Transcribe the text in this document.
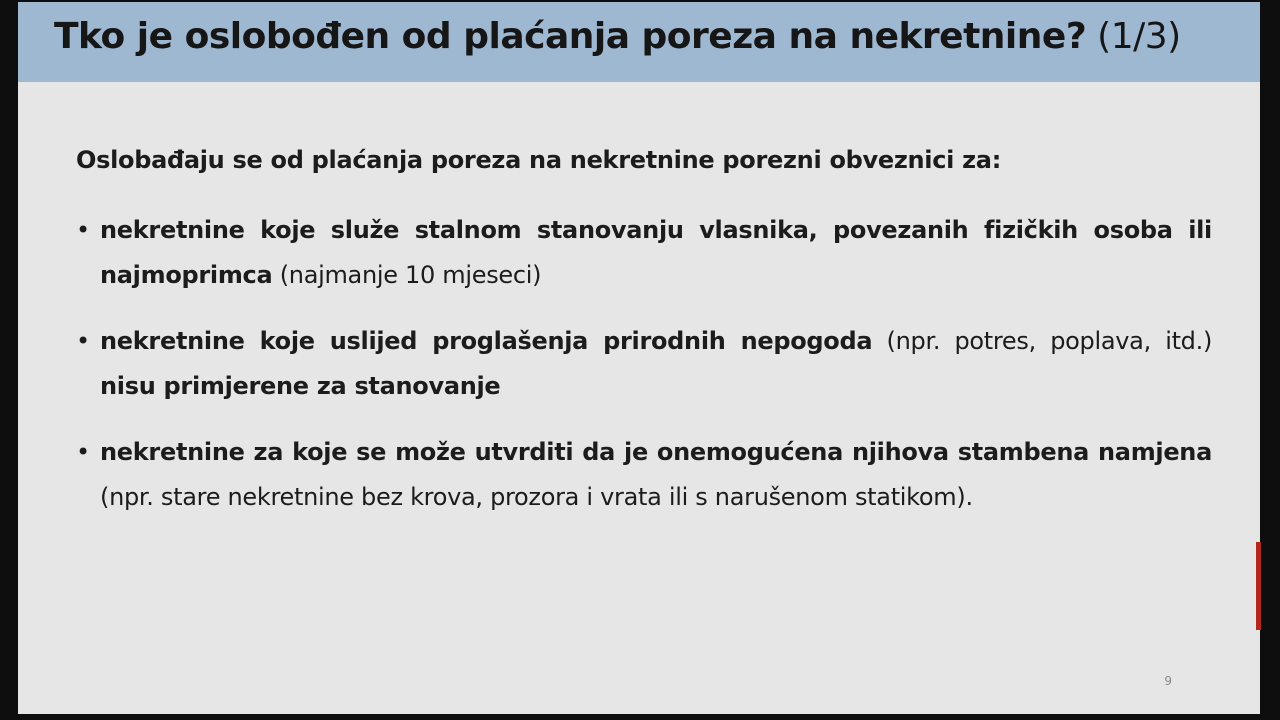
Tko je oslobođen od plaćanja poreza na nekretnine? (1/3)

Oslobađaju se od plaćanja poreza na nekretnine porezni obveznici za:

• nekretnine koje služe stalnom stanovanju vlasnika, povezanih fizičkih osoba ili najmoprimca (najmanje 10 mjeseci)
• nekretnine koje uslijed proglašenja prirodnih nepogoda (npr. potres, poplava, itd.) nisu primjerene za stanovanje
• nekretnine za koje se može utvrditi da je onemogućena njihova stambena namjena (npr. stare nekretnine bez krova, prozora i vrata ili s narušenom statikom).
9
